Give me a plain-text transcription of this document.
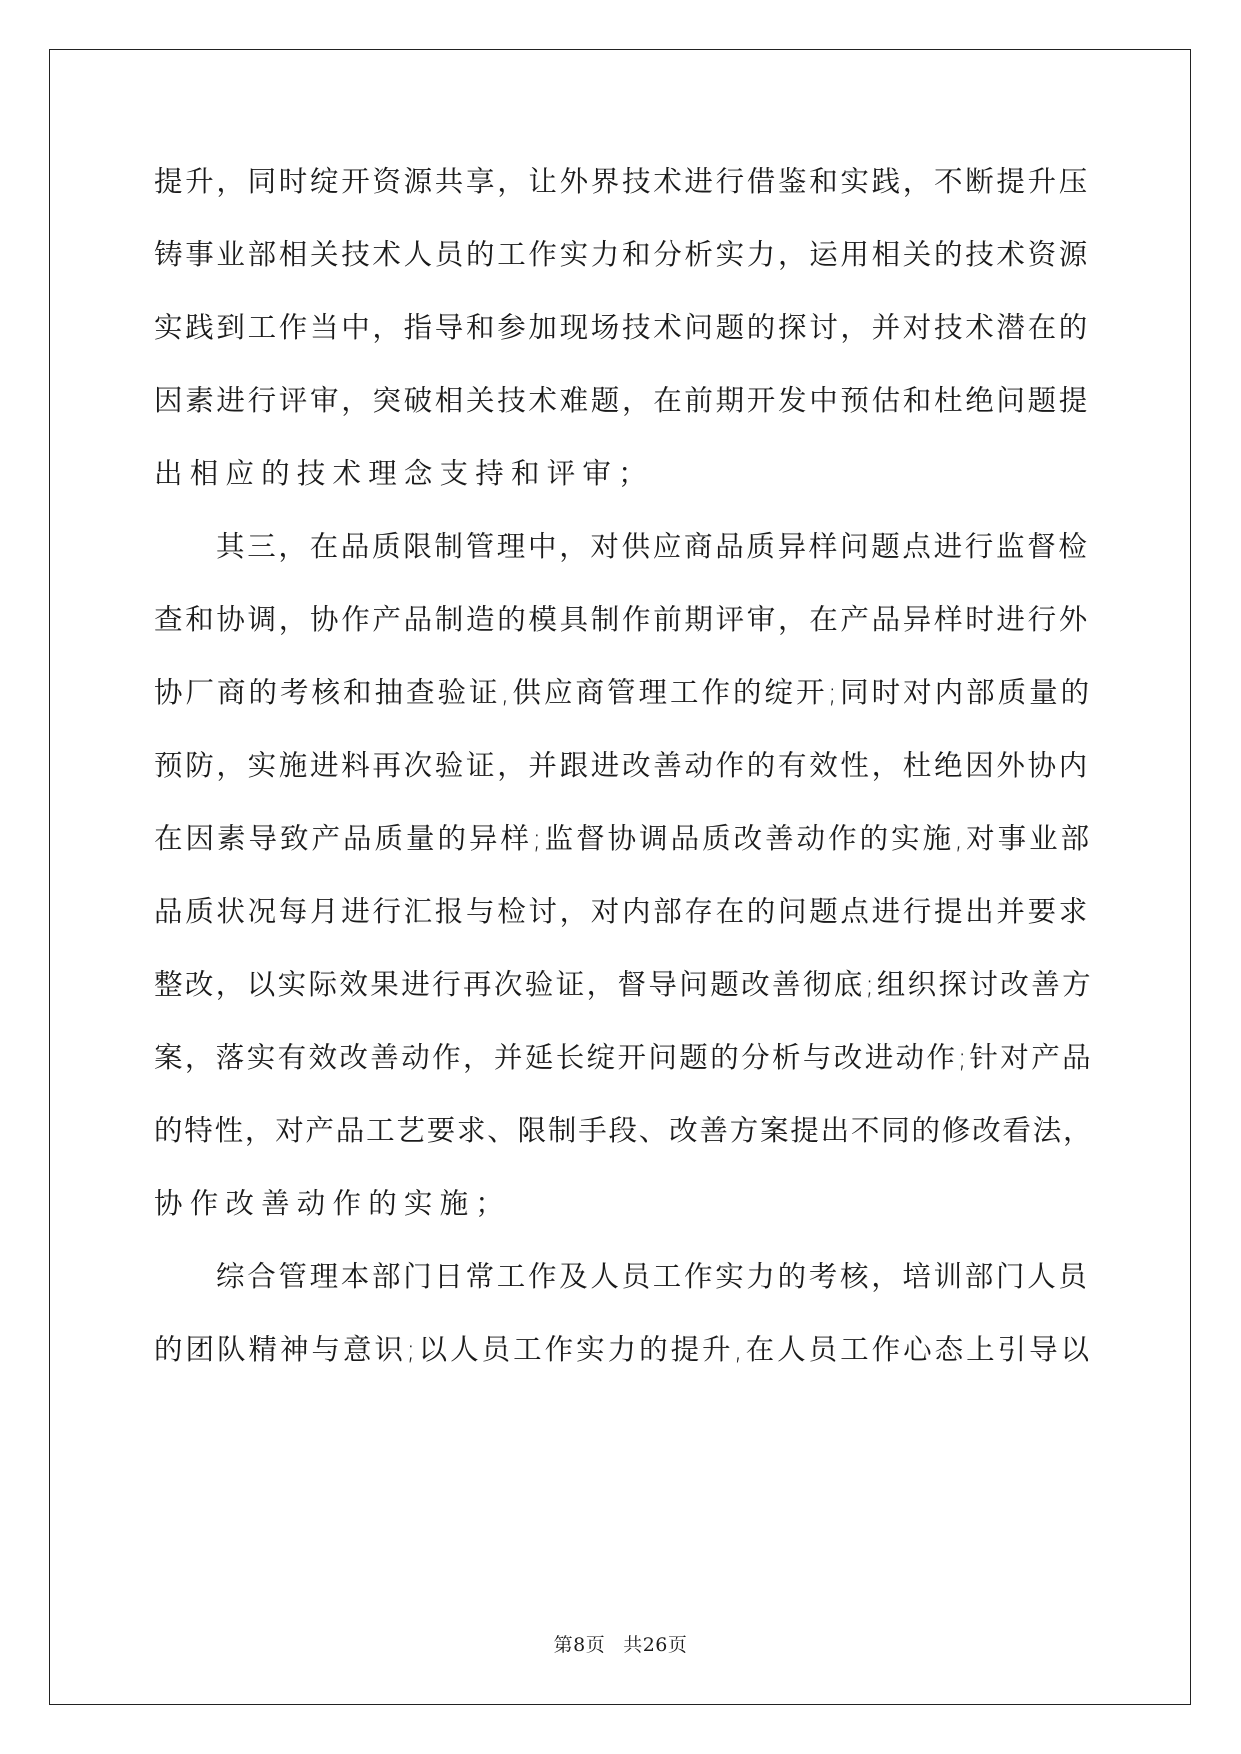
提升，同时绽开资源共享，让外界技术进行借鉴和实践，不断提升压
铸事业部相关技术人员的工作实力和分析实力，运用相关的技术资源
实践到工作当中，指导和参加现场技术问题的探讨，并对技术潜在的
因素进行评审，突破相关技术难题，在前期开发中预估和杜绝问题提
出相应的技术理念支持和评审；
其三，在品质限制管理中，对供应商品质异样问题点进行监督检
查和协调，协作产品制造的模具制作前期评审，在产品异样时进行外
协厂商的考核和抽查验证,供应商管理工作的绽开;同时对内部质量的
预防，实施进料再次验证，并跟进改善动作的有效性，杜绝因外协内
在因素导致产品质量的异样;监督协调品质改善动作的实施,对事业部
品质状况每月进行汇报与检讨，对内部存在的问题点进行提出并要求
整改，以实际效果进行再次验证，督导问题改善彻底;组织探讨改善方
案，落实有效改善动作，并延长绽开问题的分析与改进动作;针对产品
的特性，对产品工艺要求、限制手段、改善方案提出不同的修改看法，
协作改善动作的实施；
综合管理本部门日常工作及人员工作实力的考核，培训部门人员
的团队精神与意识;以人员工作实力的提升,在人员工作心态上引导以
第8页 共26页
